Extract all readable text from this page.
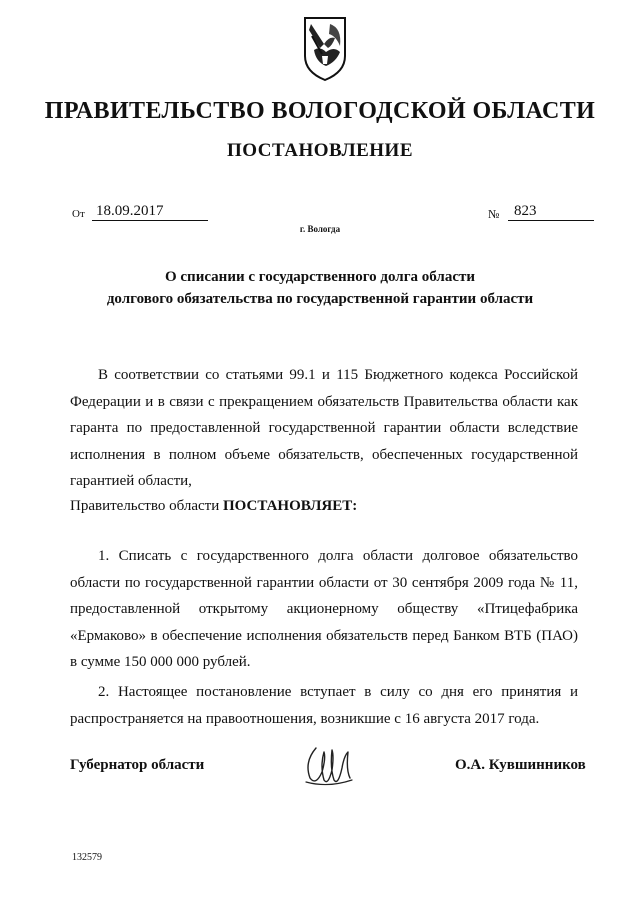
ПРАВИТЕЛЬСТВО ВОЛОГОДСКОЙ ОБЛАСТИ
ПОСТАНОВЛЕНИЕ
От 18.09.2017	№ 823
г. Вологда
О списании с государственного долга области
долгового обязательства по государственной гарантии области
В соответствии со статьями 99.1 и 115 Бюджетного кодекса Российской Федерации и в связи с прекращением обязательств Правительства области как гаранта по предоставленной государственной гарантии области вследствие исполнения в полном объеме обязательств, обеспеченных государственной гарантией области,
Правительство области ПОСТАНОВЛЯЕТ:
1. Списать с государственного долга области долговое обязательство области по государственной гарантии области от 30 сентября 2009 года № 11, предоставленной открытому акционерному обществу «Птицефабрика «Ермаково» в обеспечение исполнения обязательств перед Банком ВТБ (ПАО) в сумме 150 000 000 рублей.
2. Настоящее постановление вступает в силу со дня его принятия и распространяется на правоотношения, возникшие с 16 августа 2017 года.
Губернатор области	О.А. Кувшинников
132579
